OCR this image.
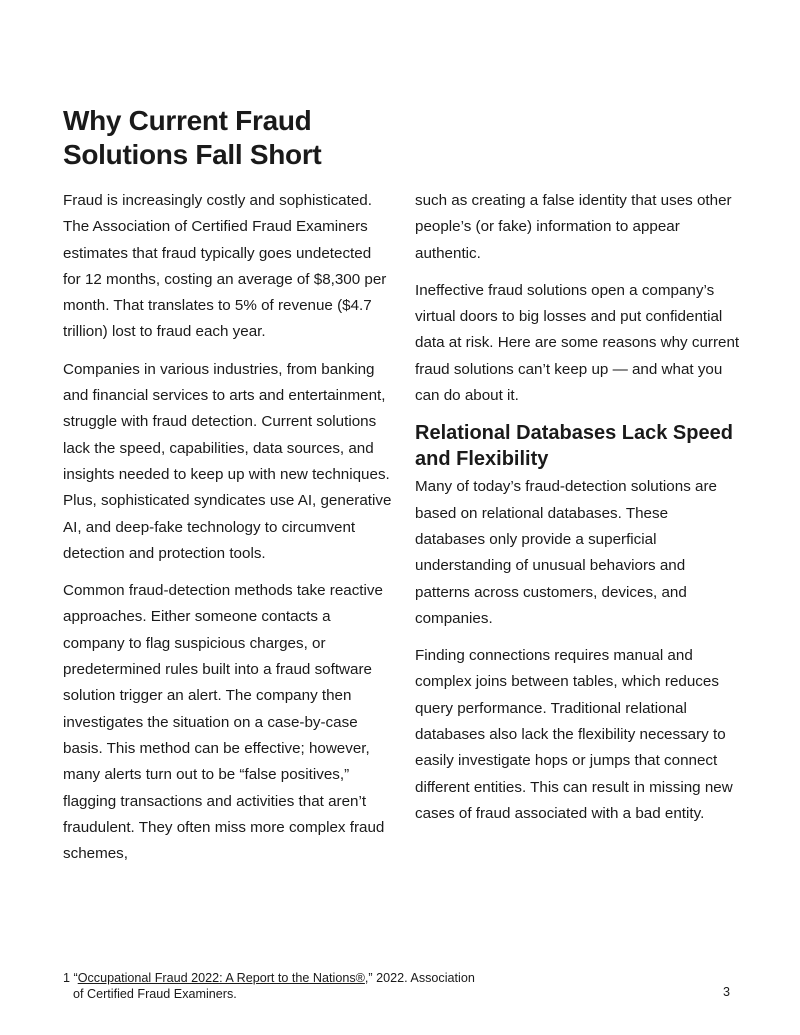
Why Current Fraud
Solutions Fall Short

Fraud is increasingly costly and sophisticated. The Association of Certified Fraud Examiners estimates that fraud typically goes undetected for 12 months, costing an average of $8,300 per month. That translates to 5% of revenue ($4.7 trillion) lost to fraud each year.

Companies in various industries, from banking and financial services to arts and entertainment, struggle with fraud detection. Current solutions lack the speed, capabilities, data sources, and insights needed to keep up with new techniques. Plus, sophisticated syndicates use AI, generative AI, and deep-fake technology to circumvent detection and protection tools.

Common fraud-detection methods take reactive approaches. Either someone contacts a company to flag suspicious charges, or predetermined rules built into a fraud software solution trigger an alert. The company then investigates the situation on a case-by-case basis. This method can be effective; however, many alerts turn out to be “false positives,” flagging transactions and activities that aren’t fraudulent. They often miss more complex fraud schemes,

such as creating a false identity that uses other people’s (or fake) information to appear authentic.

Ineffective fraud solutions open a company’s virtual doors to big losses and put confidential data at risk. Here are some reasons why current fraud solutions can’t keep up — and what you can do about it.

Relational Databases Lack Speed and Flexibility

Many of today’s fraud-detection solutions are based on relational databases. These databases only provide a superficial understanding of unusual behaviors and patterns across customers, devices, and companies.

Finding connections requires manual and complex joins between tables, which reduces query performance. Traditional relational databases also lack the flexibility necessary to easily investigate hops or jumps that connect different entities. This can result in missing new cases of fraud associated with a bad entity.

1 “Occupational Fraud 2022: A Report to the Nations®,” 2022. Association
of Certified Fraud Examiners.	3
